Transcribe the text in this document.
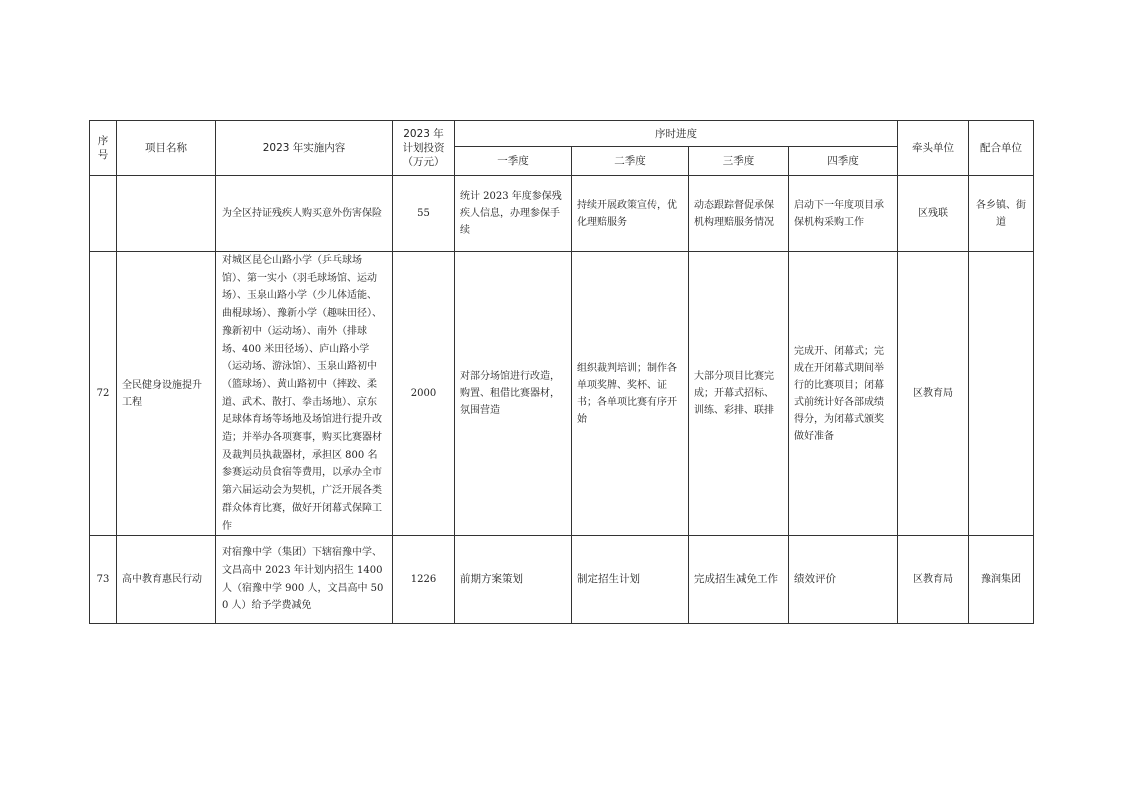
序号	项目名称	2023 年实施内容	2023 年计划投资（万元）	序时进度				牵头单位	配合单位
				一季度	二季度	三季度	四季度		
		为全区持证残疾人购买意外伤害保险	55	统计 2023 年度参保残疾人信息，办理参保手续	持续开展政策宣传，优化理赔服务	动态跟踪督促承保机构理赔服务情况	启动下一年度项目承保机构采购工作	区残联	各乡镇、街道
72	全民健身设施提升工程	对城区昆仑山路小学（乒乓球场馆）、第一实小（羽毛球场馆、运动场）、玉泉山路小学（少儿体适能、曲棍球场）、豫新小学（趣味田径）、豫新初中（运动场）、南外（排球场、400 米田径场）、庐山路小学（运动场、游泳馆）、玉泉山路初中（篮球场）、黄山路初中（摔跤、柔道、武术、散打、拳击场地）、京东足球体育场等场地及场馆进行提升改造；并举办各项赛事，购买比赛器材及裁判员执裁器材，承担区 800 名参赛运动员食宿等费用，以承办全市第六届运动会为契机，广泛开展各类群众体育比赛，做好开闭幕式保障工作	2000	对部分场馆进行改造，购置、租借比赛器材，氛围营造	组织裁判培训；制作各单项奖牌、奖杯、证书；各单项比赛有序开始	大部分项目比赛完成；开幕式招标、训练、彩排、联排	完成开、闭幕式；完成在开闭幕式期间举行的比赛项目；闭幕式前统计好各部成绩得分，为闭幕式颁奖做好准备	区教育局	
73	高中教育惠民行动	对宿豫中学（集团）下辖宿豫中学、文昌高中 2023 年计划内招生 1400 人（宿豫中学 900 人，文昌高中 500 人）给予学费减免	1226	前期方案策划	制定招生计划	完成招生减免工作	绩效评价	区教育局	豫润集团
